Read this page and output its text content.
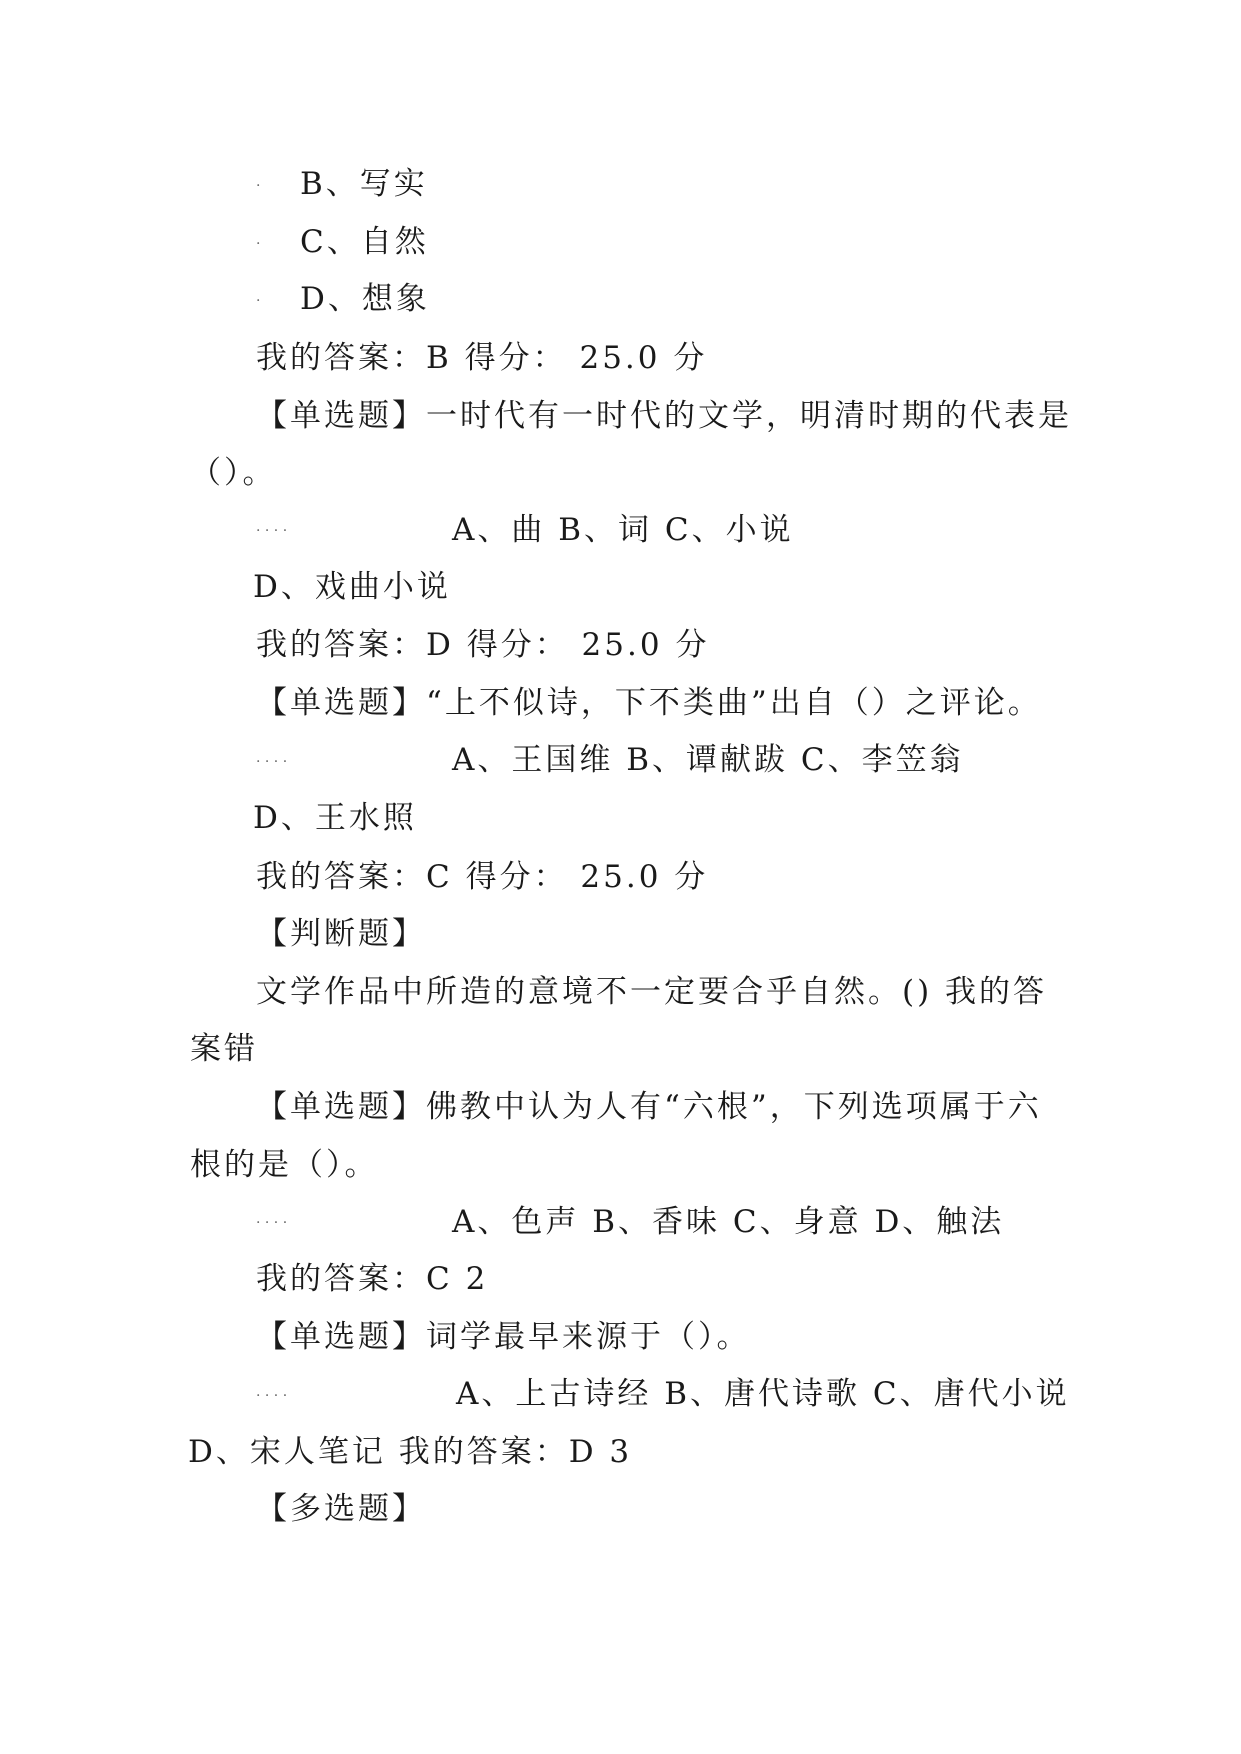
· B、写实
· C、自然
· D、想象
我的答案：B 得分： 25.0 分
【单选题】一时代有一时代的文学，明清时期的代表是
（）。
· · · ·	A、曲 B、词 C、小说
D、戏曲小说
我的答案：D 得分： 25.0 分
【单选题】“上不似诗，下不类曲”出自（）之评论。
· · · ·	A、王国维 B、谭献跋 C、李笠翁
D、王水照
我的答案：C 得分： 25.0 分
【判断题】
文学作品中所造的意境不一定要合乎自然。() 我的答
案错
【单选题】佛教中认为人有“六根”，下列选项属于六
根的是（）。
· · · ·	A、色声 B、香味 C、身意 D、触法
我的答案：C 2
【单选题】词学最早来源于（）。
· · · ·	A、上古诗经 B、唐代诗歌 C、唐代小说
D、宋人笔记 我的答案：D 3
【多选题】
